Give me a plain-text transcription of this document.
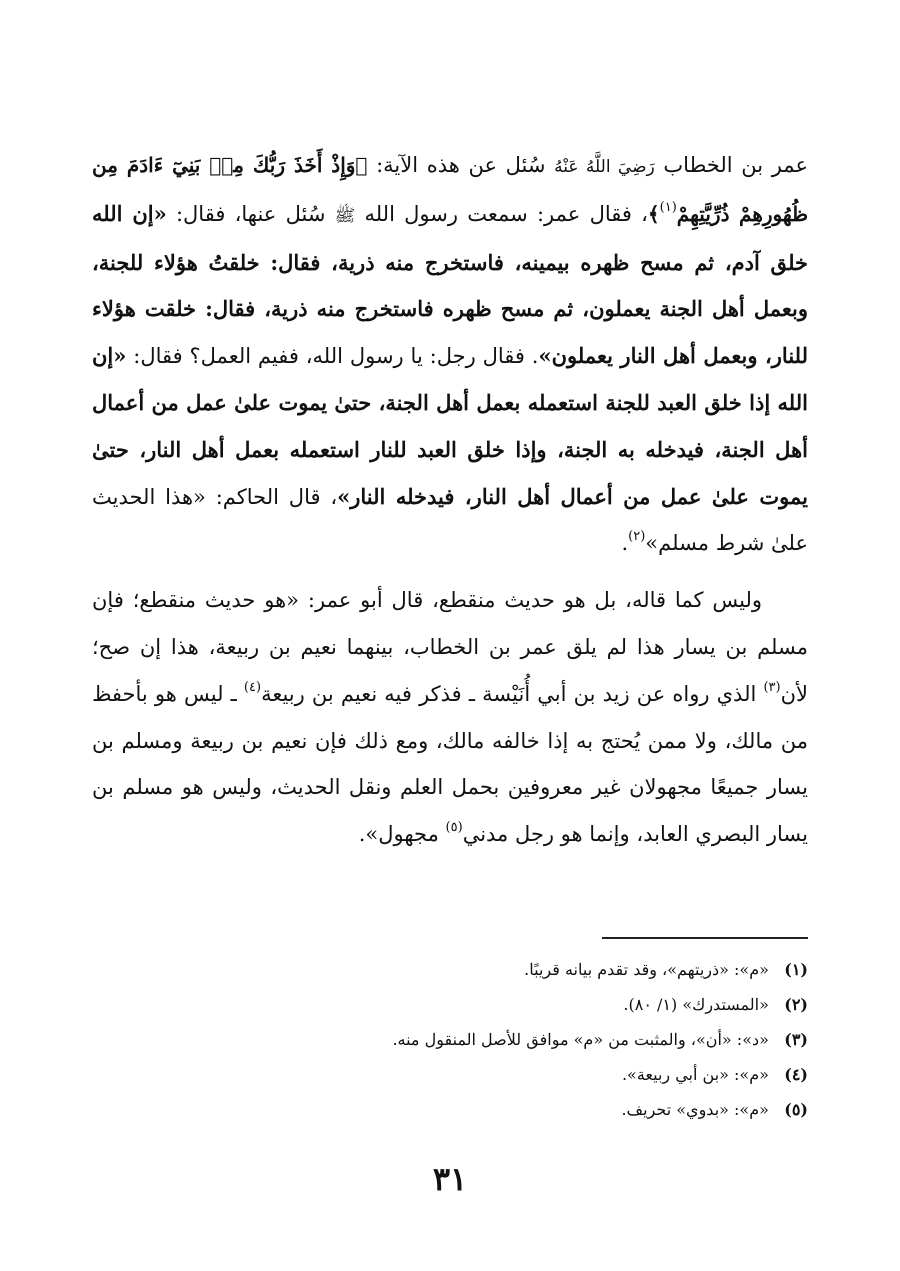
عمر بن الخطاب رَضِيَ اللَّهُ عَنْهُ سُئل عن هذه الآية: ﴿وَإِذْ أَخَذَ رَبُّكَ مِنۢ بَنِيٓ ءَادَمَ مِن ظُهُورِهِمْ ذُرِّيَّتِهِمْ$^{(١)}$﴾، فقال عمر: سمعت رسول الله ﷺ سُئل عنها، فقال: «إن الله خلق آدم، ثم مسح ظهره بيمينه، فاستخرج منه ذرية، فقال: خلقتُ هؤلاء للجنة، وبعمل أهل الجنة يعملون، ثم مسح ظهره فاستخرج منه ذرية، فقال: خلقت هؤلاء للنار، وبعمل أهل النار يعملون». فقال رجل: يا رسول الله، ففيم العمل؟ فقال: «إن الله إذا خلق العبد للجنة استعمله بعمل أهل الجنة، حتىٰ يموت علىٰ عمل من أعمال أهل الجنة، فيدخله به الجنة، وإذا خلق العبد للنار استعمله بعمل أهل النار، حتىٰ يموت علىٰ عمل من أعمال أهل النار، فيدخله النار»، قال الحاكم: «هذا الحديث علىٰ شرط مسلم»$^{(٢)}$.

وليس كما قاله، بل هو حديث منقطع، قال أبو عمر: «هو حديث منقطع؛ فإن مسلم بن يسار هذا لم يلق عمر بن الخطاب، بينهما نعيم بن ربيعة، هذا إن صح؛ لأن$^{(٣)}$ الذي رواه عن زيد بن أبي أُنَيْسة ـ فذكر فيه نعيم بن ربيعة$^{(٤)}$ ـ ليس هو بأحفظ من مالك، ولا ممن يُحتج به إذا خالفه مالك، ومع ذلك فإن نعيم بن ربيعة ومسلم بن يسار جميعًا مجهولان غير معروفين بحمل العلم ونقل الحديث، وليس هو مسلم بن يسار البصري العابد، وإنما هو رجل مدني$^{(٥)}$ مجهول».

(١) «م»: «ذريتهم»، وقد تقدم بيانه قريبًا.

(٢) «المستدرك» (١/ ٨٠).

(٣) «د»: «أن»، والمثبت من «م» موافق للأصل المنقول منه.

(٤) «م»: «بن أبي ربيعة».

(٥) «م»: «بدوي» تحريف.

٣١
